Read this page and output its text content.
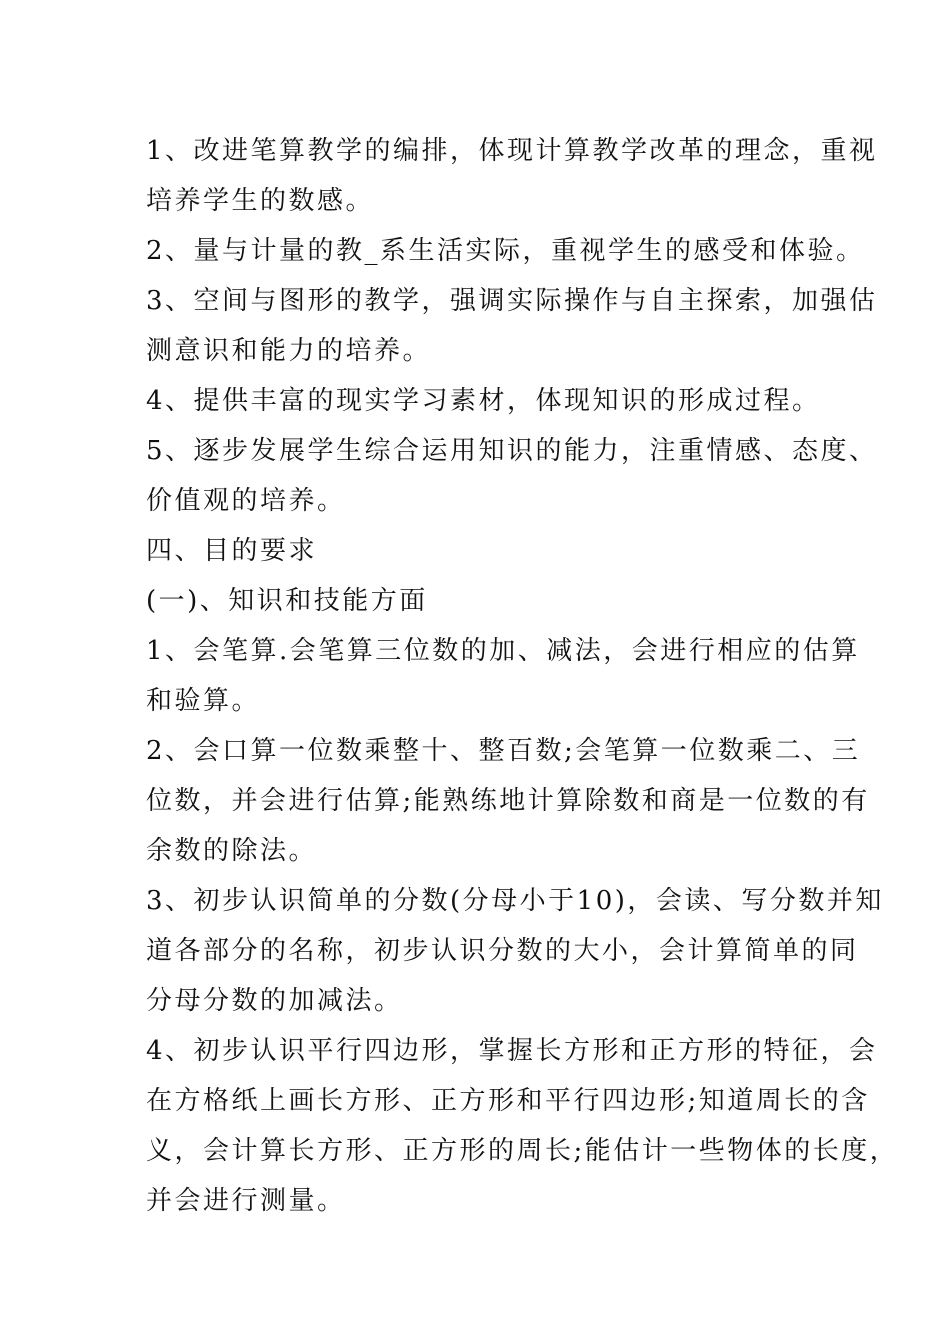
1、改进笔算教学的编排，体现计算教学改革的理念，重视
培养学生的数感。
2、量与计量的教_系生活实际，重视学生的感受和体验。
3、空间与图形的教学，强调实际操作与自主探索，加强估
测意识和能力的培养。
4、提供丰富的现实学习素材，体现知识的形成过程。
5、逐步发展学生综合运用知识的能力，注重情感、态度、
价值观的培养。
四、目的要求
(一)、知识和技能方面
1、会笔算.会笔算三位数的加、减法，会进行相应的估算
和验算。
2、会口算一位数乘整十、整百数;会笔算一位数乘二、三
位数，并会进行估算;能熟练地计算除数和商是一位数的有
余数的除法。
3、初步认识简单的分数(分母小于10)，会读、写分数并知
道各部分的名称，初步认识分数的大小，会计算简单的同
分母分数的加减法。
4、初步认识平行四边形，掌握长方形和正方形的特征，会
在方格纸上画长方形、正方形和平行四边形;知道周长的含
义，会计算长方形、正方形的周长;能估计一些物体的长度，
并会进行测量。
